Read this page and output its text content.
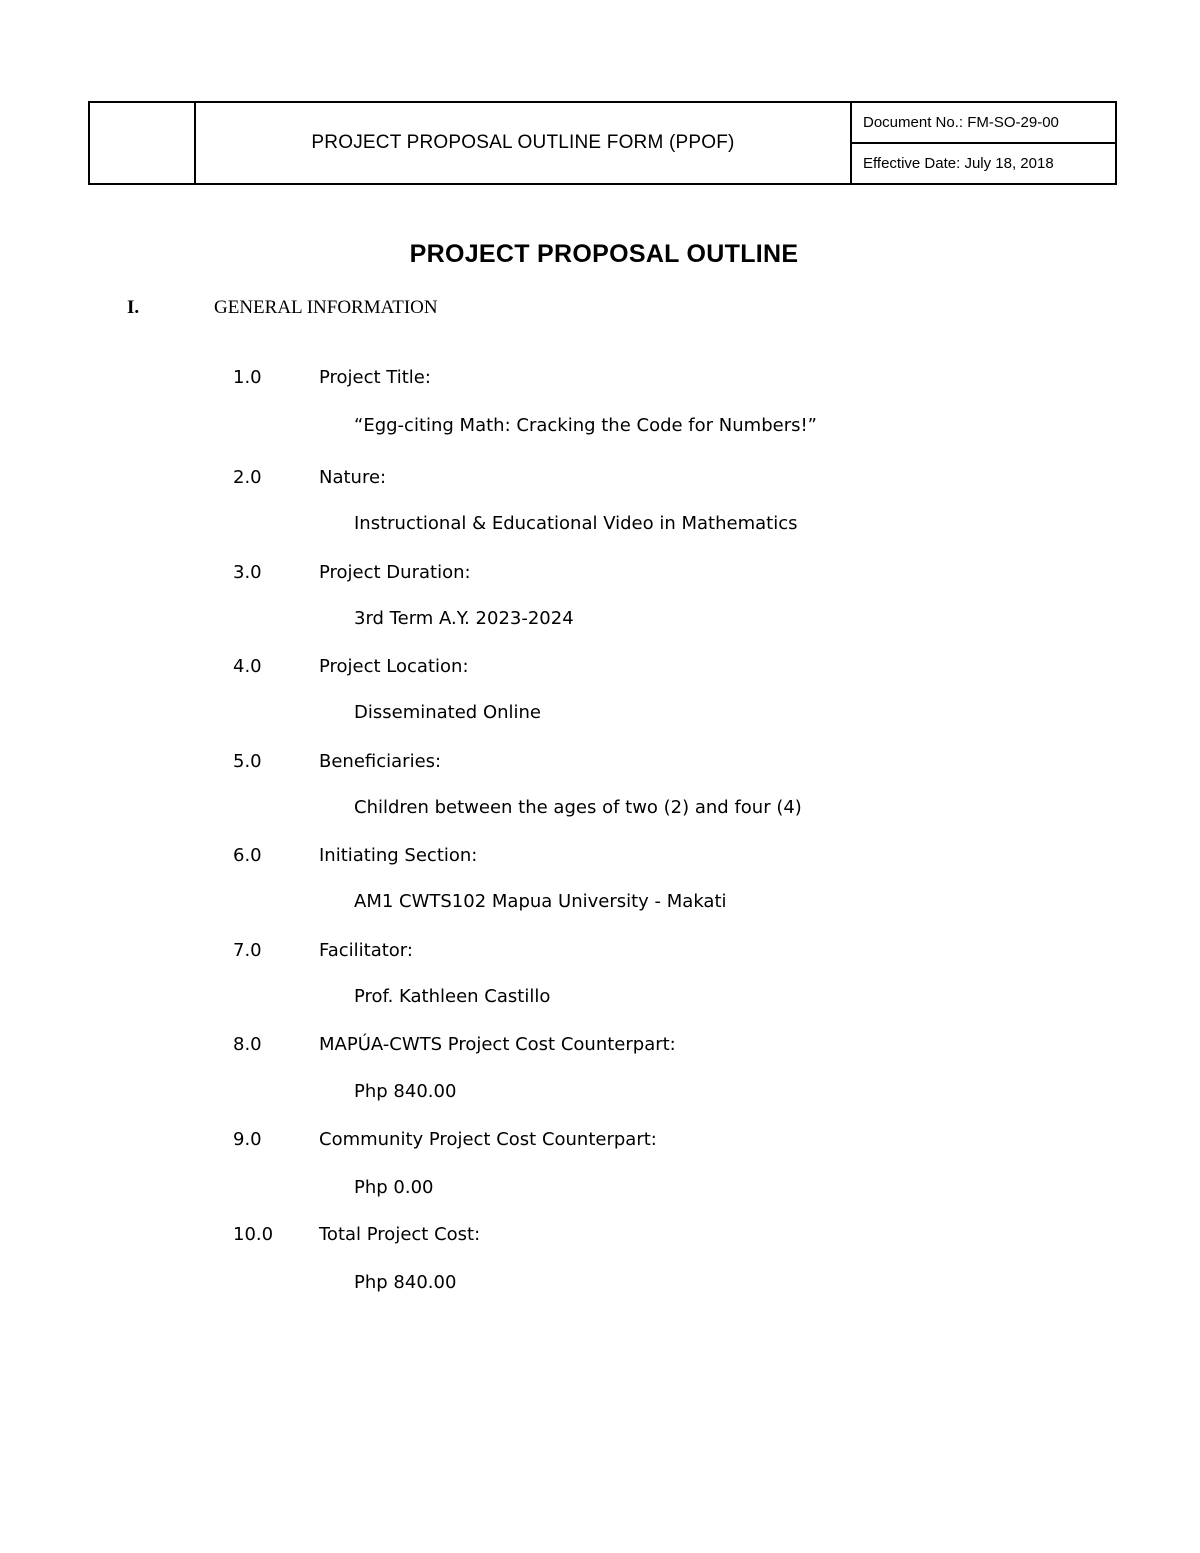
	PROJECT PROPOSAL OUTLINE FORM (PPOF)	Document No.: FM-SO-29-00
Effective Date: July 18, 2018
PROJECT PROPOSAL OUTLINE
I.	GENERAL INFORMATION
1.0	Project Title:
“Egg-citing Math: Cracking the Code for Numbers!”
2.0	Nature:
Instructional & Educational Video in Mathematics
3.0	Project Duration:
3rd Term A.Y. 2023-2024
4.0	Project Location:
Disseminated Online
5.0	Beneficiaries:
Children between the ages of two (2) and four (4)
6.0	Initiating Section:
AM1 CWTS102 Mapua University - Makati
7.0	Facilitator:
Prof. Kathleen Castillo
8.0	MAPÚA-CWTS Project Cost Counterpart:
Php 840.00
9.0	Community Project Cost Counterpart:
Php 0.00
10.0	Total Project Cost:
Php 840.00
